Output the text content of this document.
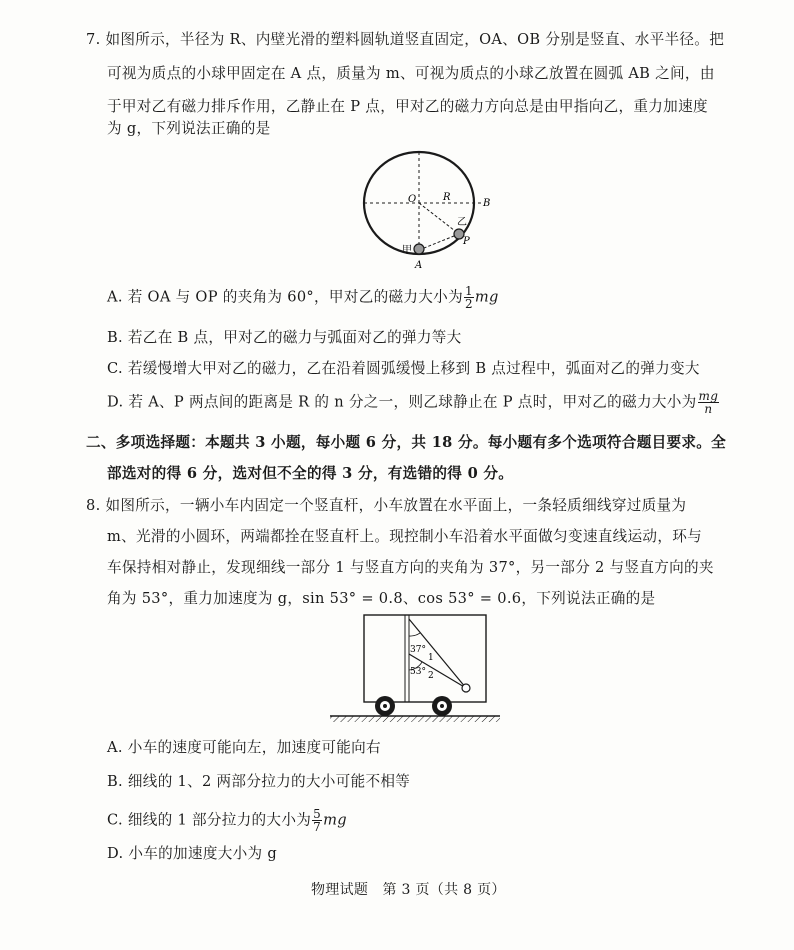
7. 如图所示，半径为 R、内壁光滑的塑料圆轨道竖直固定，OA、OB 分别是竖直、水平半径。把
可视为质点的小球甲固定在 A 点，质量为 m、可视为质点的小球乙放置在圆弧 AB 之间，由
于甲对乙有磁力排斥作用，乙静止在 P 点，甲对乙的磁力方向总是由甲指向乙，重力加速度
为 g，下列说法正确的是
O	R
B
乙
P
甲
A
A. 若 OA 与 OP 的夹角为 60°，甲对乙的磁力大小为 $\frac{1}{2}$ mg
B. 若乙在 B 点，甲对乙的磁力与弧面对乙的弹力等大
C. 若缓慢增大甲对乙的磁力，乙在沿着圆弧缓慢上移到 B 点过程中，弧面对乙的弹力变大
D. 若 A、P 两点间的距离是 R 的 n 分之一，则乙球静止在 P 点时，甲对乙的磁力大小为 $\frac{mg}{n}$
二、多项选择题：本题共 3 小题，每小题 6 分，共 18 分。每小题有多个选项符合题目要求。全
部选对的得 6 分，选对但不全的得 3 分，有选错的得 0 分。
8. 如图所示，一辆小车内固定一个竖直杆，小车放置在水平面上，一条轻质细线穿过质量为
m、光滑的小圆环，两端都拴在竖直杆上。现控制小车沿着水平面做匀变速直线运动，环与
车保持相对静止，发现细线一部分 1 与竖直方向的夹角为 37°，另一部分 2 与竖直方向的夹
角为 53°，重力加速度为 g，sin 53° = 0.8、cos 53° = 0.6，下列说法正确的是
37°
1
53° 2
A. 小车的速度可能向左，加速度可能向右
B. 细线的 1、2 两部分拉力的大小可能不相等
C. 细线的 1 部分拉力的大小为 $\frac{5}{7}$ mg
D. 小车的加速度大小为 g
物理试题　第 3 页（共 8 页）
